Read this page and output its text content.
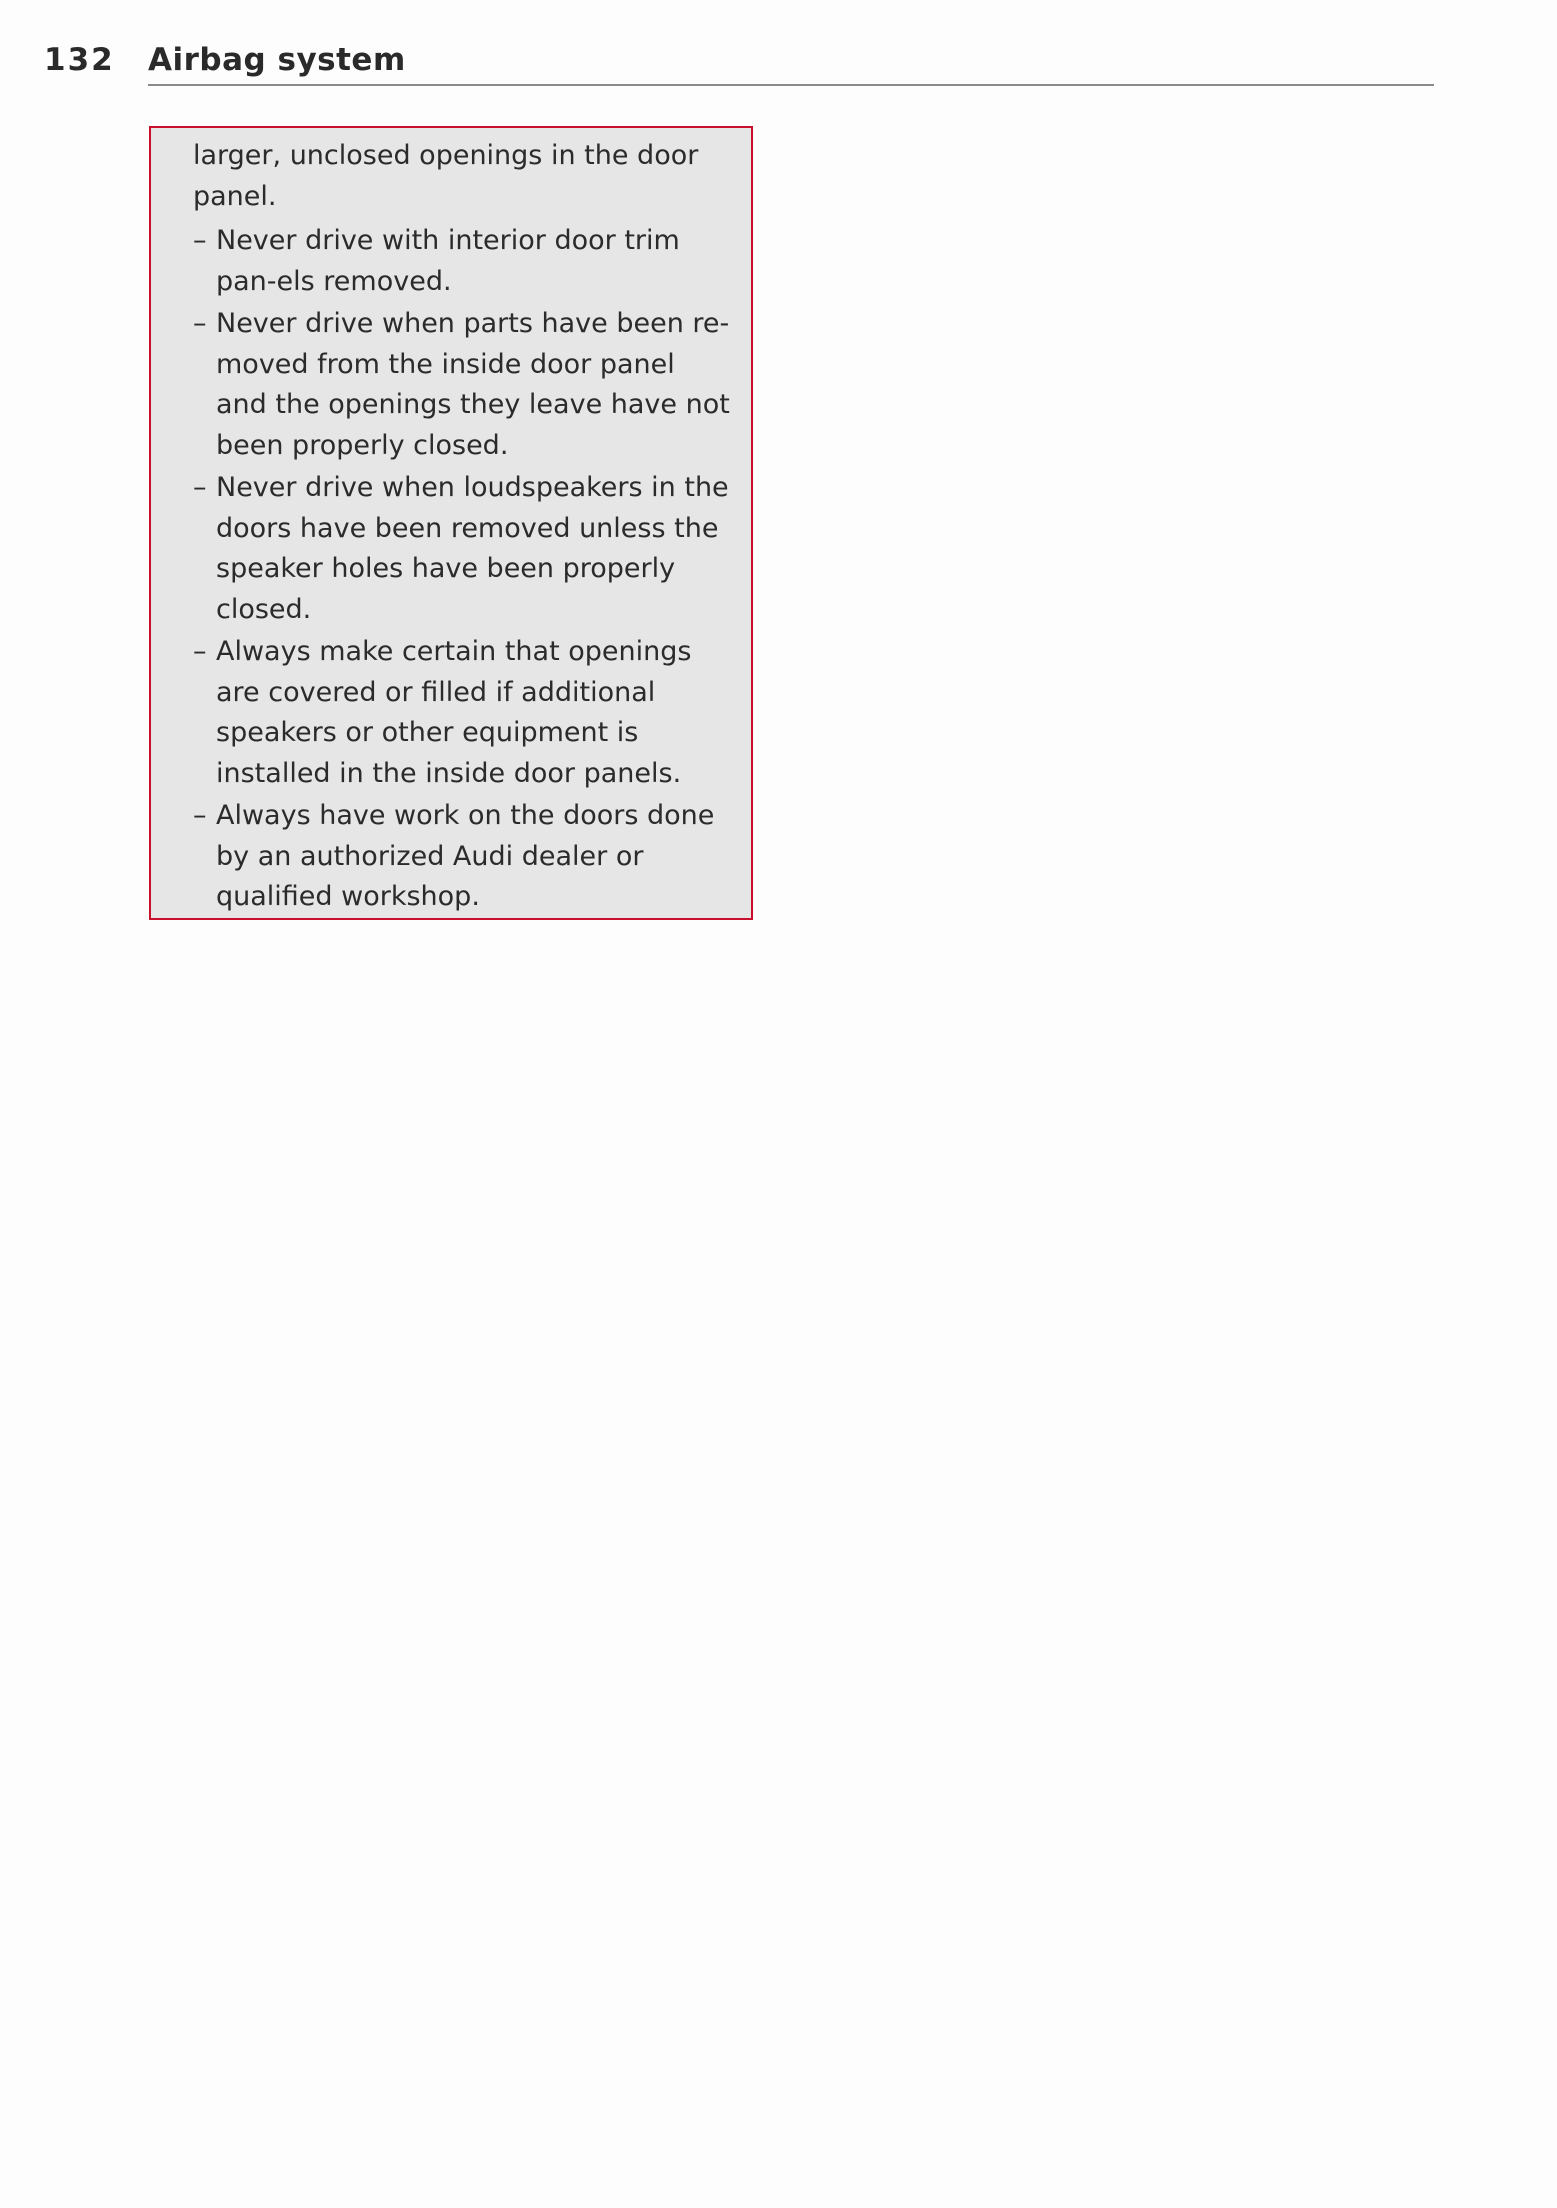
132 Airbag system

larger, unclosed openings in the door panel.

– Never drive with interior door trim pan-els removed.
– Never drive when parts have been re-moved from the inside door panel and the openings they leave have not been properly closed.
– Never drive when loudspeakers in the doors have been removed unless the speaker holes have been properly closed.
– Always make certain that openings are covered or filled if additional speakers or other equipment is installed in the inside door panels.
– Always have work on the doors done by an authorized Audi dealer or qualified workshop.
